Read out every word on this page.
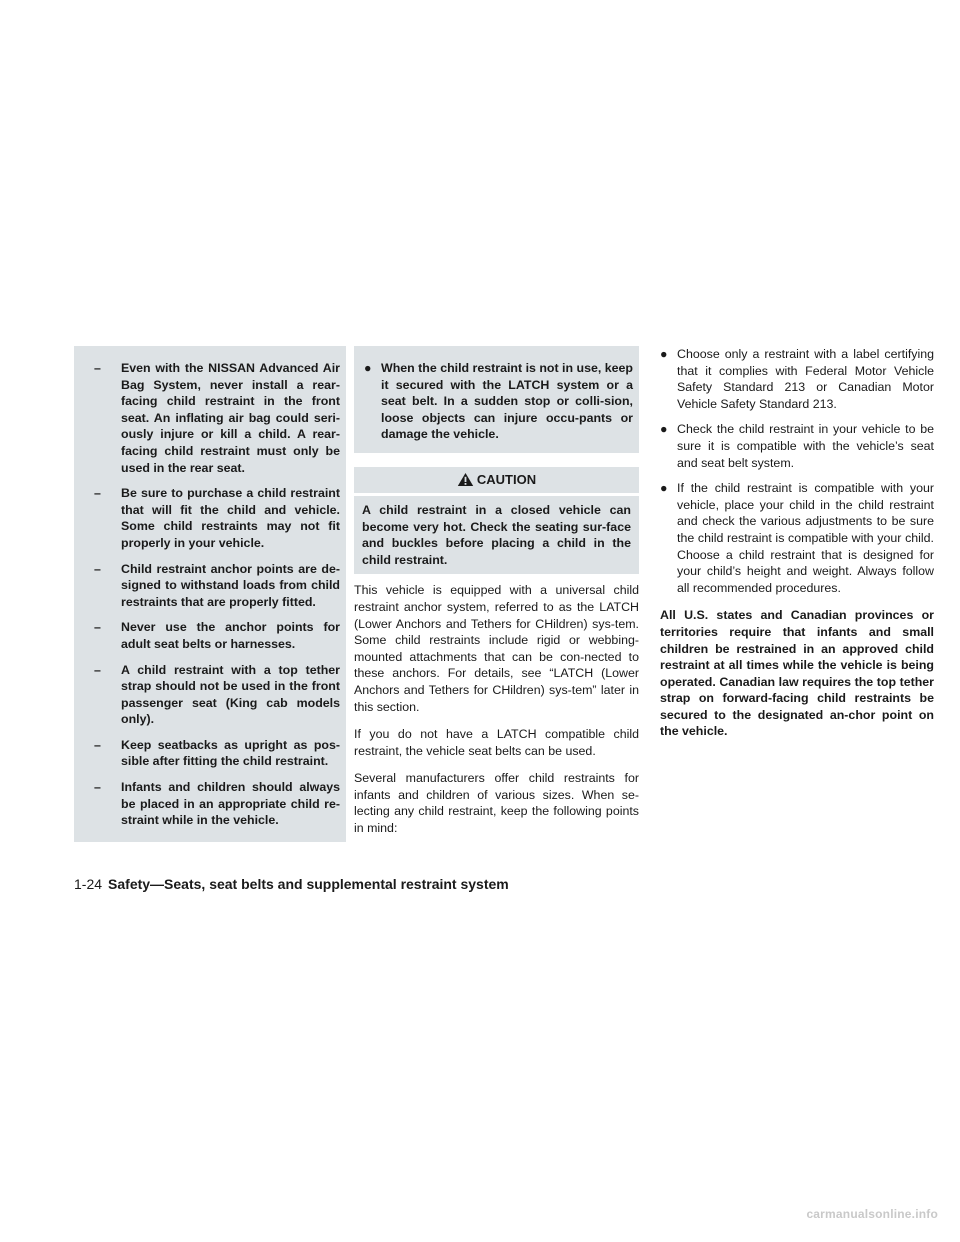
Even with the NISSAN Advanced Air Bag System, never install a rear-facing child restraint in the front seat. An inflating air bag could seri-ously injure or kill a child. A rear-facing child restraint must only be used in the rear seat.
Be sure to purchase a child restraint that will fit the child and vehicle. Some child restraints may not fit properly in your vehicle.
Child restraint anchor points are de-signed to withstand loads from child restraints that are properly fitted.
Never use the anchor points for adult seat belts or harnesses.
A child restraint with a top tether strap should not be used in the front passenger seat (King cab models only).
Keep seatbacks as upright as pos-sible after fitting the child restraint.
Infants and children should always be placed in an appropriate child re-straint while in the vehicle.
● When the child restraint is not in use, keep it secured with the LATCH system or a seat belt. In a sudden stop or colli-sion, loose objects can injure occu-pants or damage the vehicle.
CAUTION
A child restraint in a closed vehicle can become very hot. Check the seating sur-face and buckles before placing a child in the child restraint.

This vehicle is equipped with a universal child restraint anchor system, referred to as the LATCH (Lower Anchors and Tethers for CHildren) sys-tem. Some child restraints include rigid or webbing-mounted attachments that can be con-nected to these anchors. For details, see “LATCH (Lower Anchors and Tethers for CHildren) sys-tem” later in this section.

If you do not have a LATCH compatible child restraint, the vehicle seat belts can be used.

Several manufacturers offer child restraints for infants and children of various sizes. When se-lecting any child restraint, keep the following points in mind:

● Choose only a restraint with a label certifying that it complies with Federal Motor Vehicle Safety Standard 213 or Canadian Motor Vehicle Safety Standard 213.
● Check the child restraint in your vehicle to be sure it is compatible with the vehicle’s seat and seat belt system.
● If the child restraint is compatible with your vehicle, place your child in the child restraint and check the various adjustments to be sure the child restraint is compatible with your child. Choose a child restraint that is designed for your child’s height and weight. Always follow all recommended procedures.

All U.S. states and Canadian provinces or territories require that infants and small children be restrained in an approved child restraint at all times while the vehicle is being operated. Canadian law requires the top tether strap on forward-facing child restraints be secured to the designated an-chor point on the vehicle.

1-24 Safety—Seats, seat belts and supplemental restraint system
carmanualsonline.info
